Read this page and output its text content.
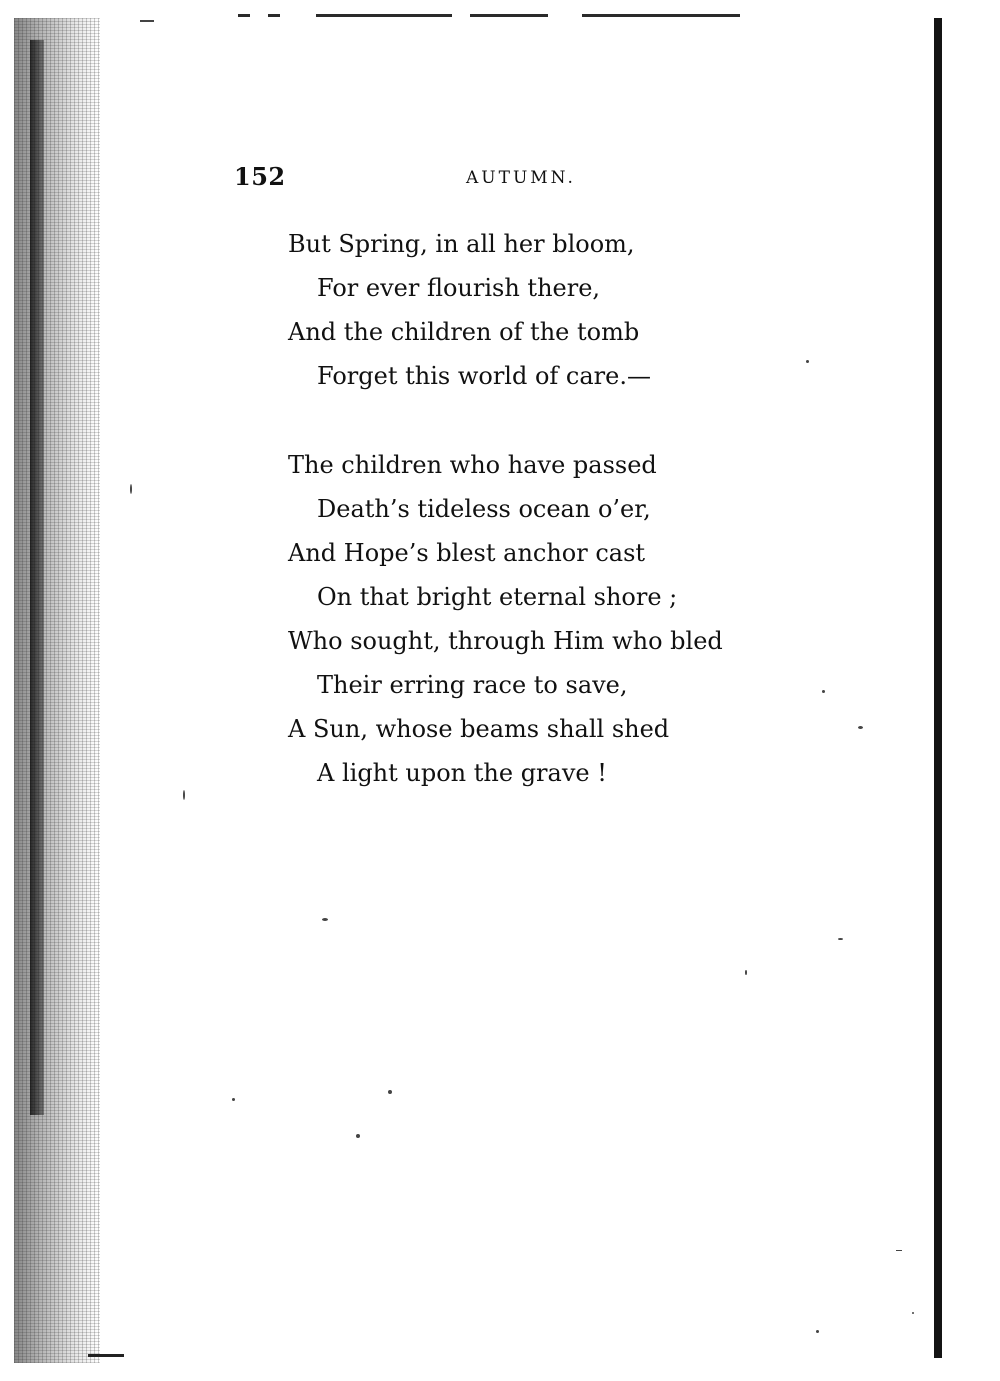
152	AUTUMN.
But Spring, in all her bloom,
For ever flourish there,
And the children of the tomb
Forget this world of care.—
The children who have passed
Death’s tideless ocean o’er,
And Hope’s blest anchor cast
On that bright eternal shore ;
Who sought, through Him who bled
Their erring race to save,
A Sun, whose beams shall shed
A light upon the grave !
